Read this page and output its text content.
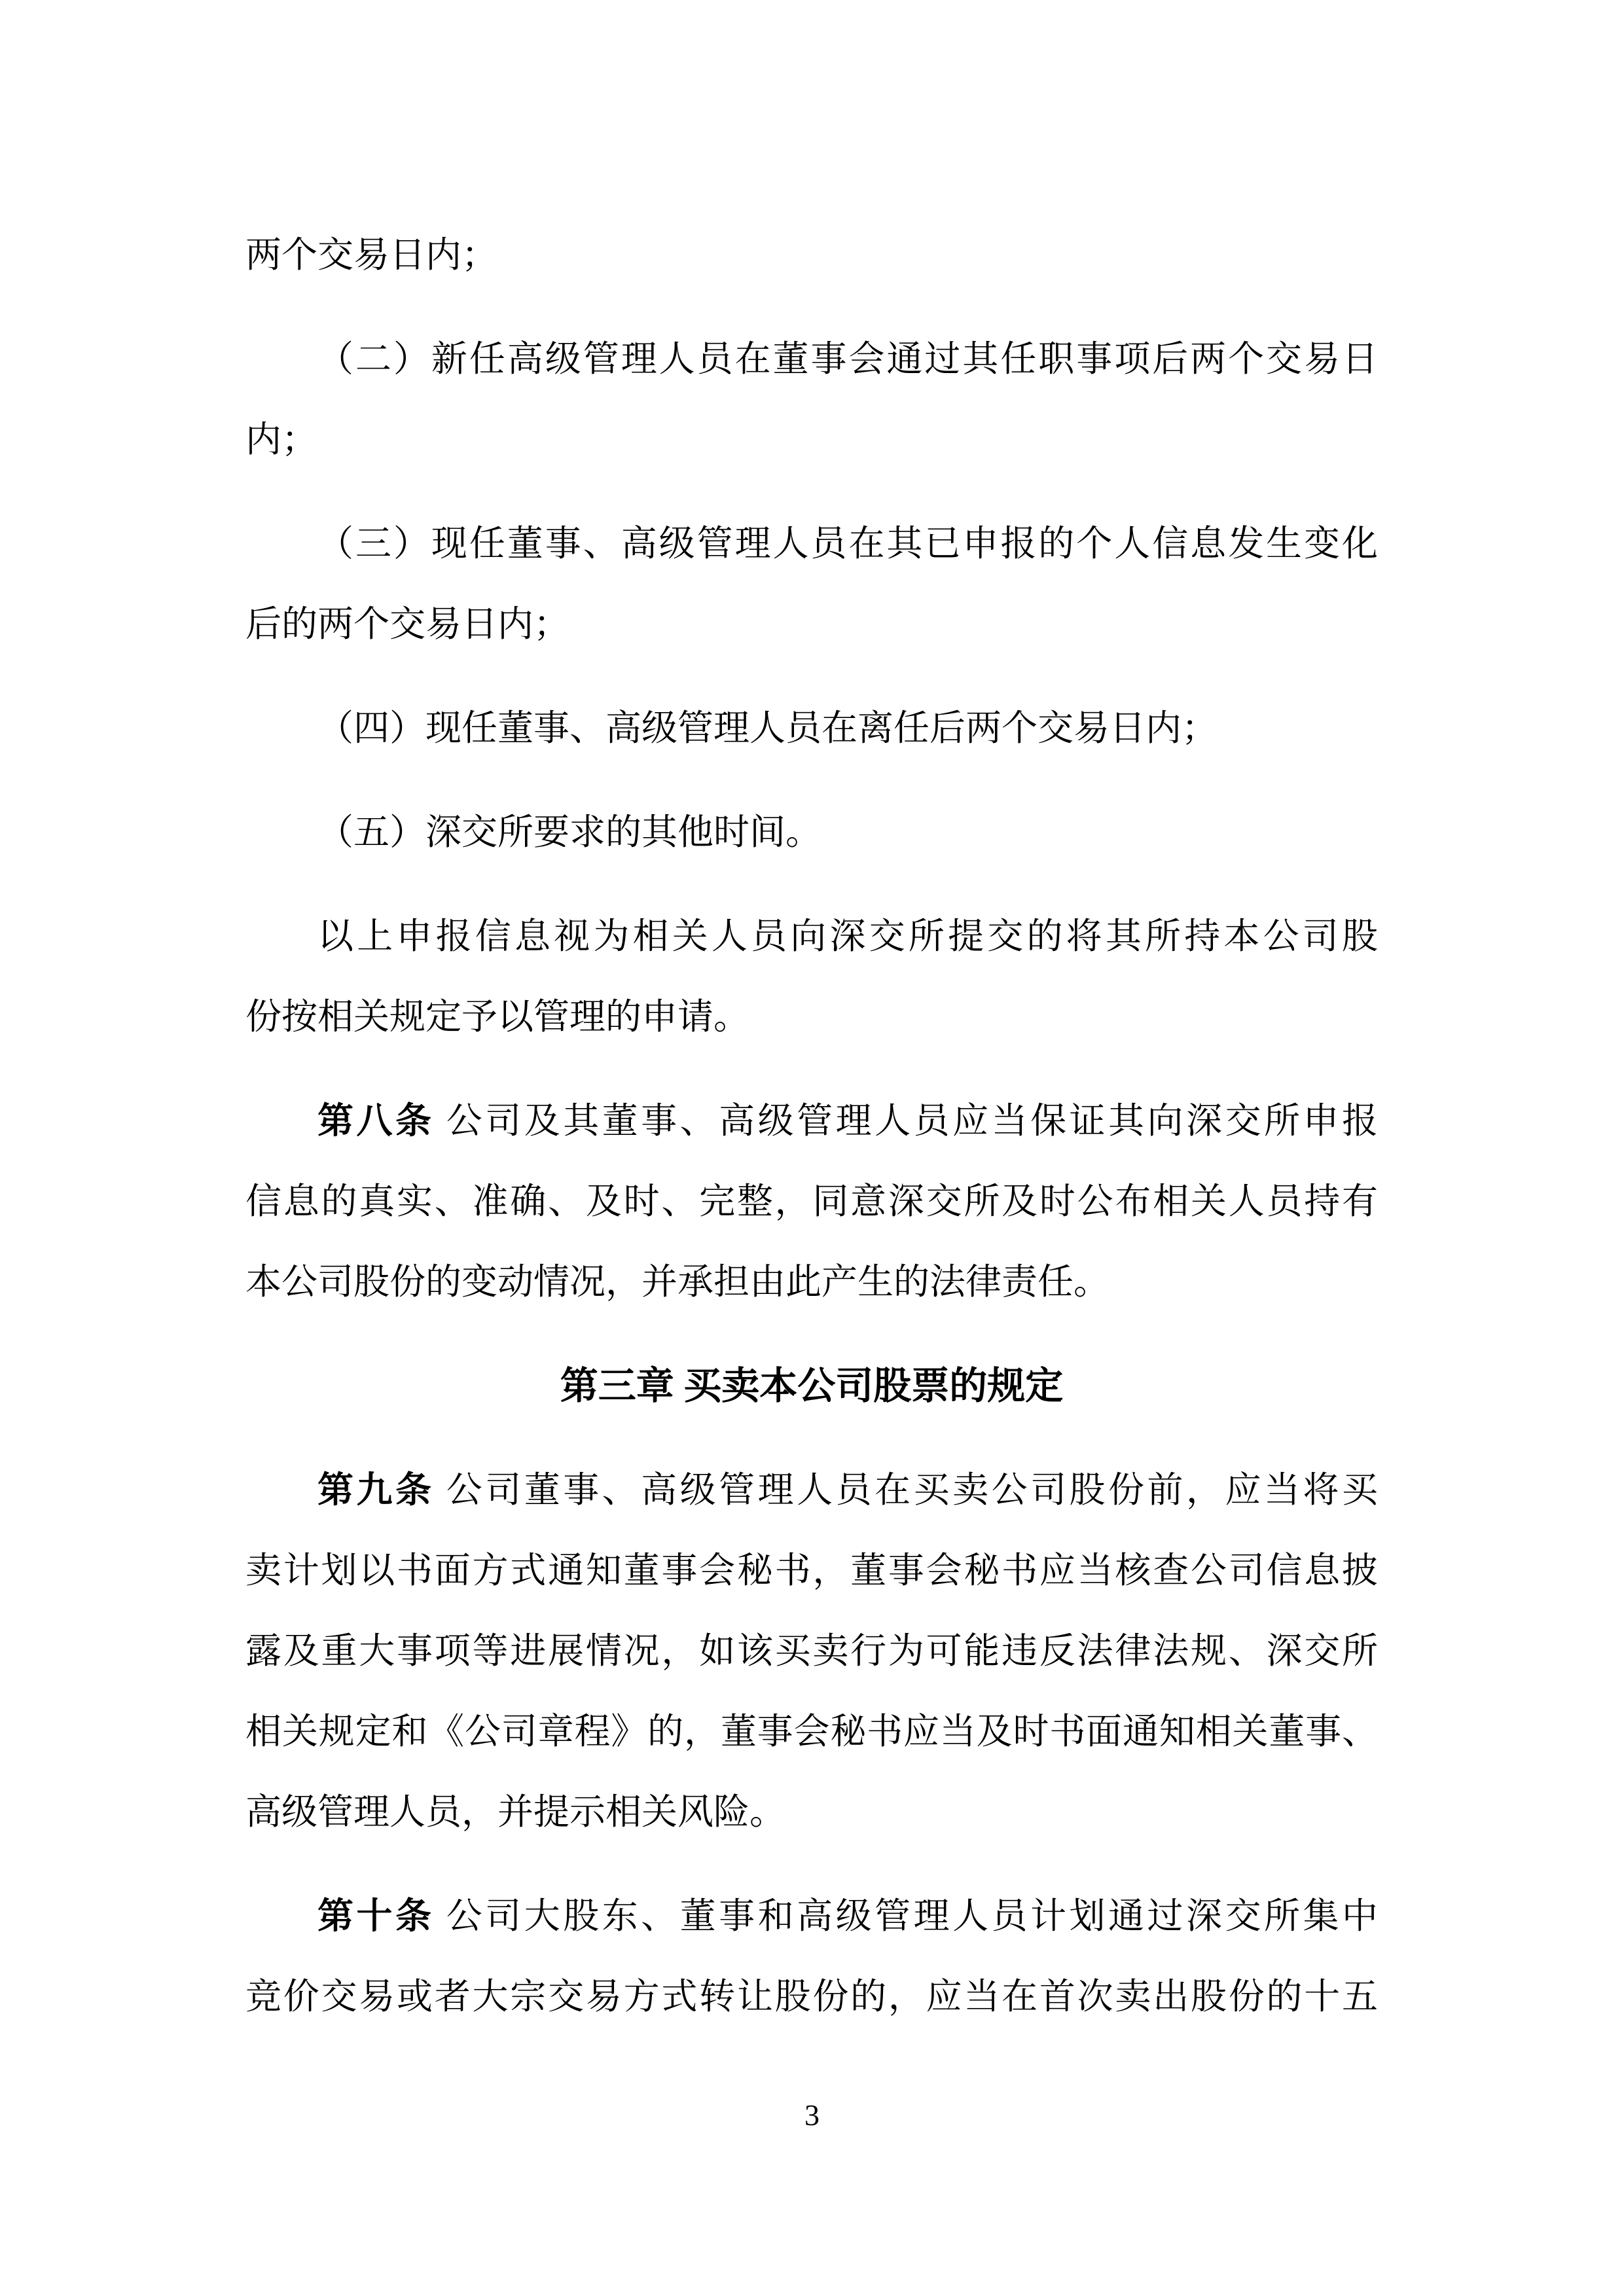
两个交易日内；
（二）新任高级管理人员在董事会通过其任职事项后两个交易日
内；
（三）现任董事、高级管理人员在其已申报的个人信息发生变化
后的两个交易日内；
（四）现任董事、高级管理人员在离任后两个交易日内；
（五）深交所要求的其他时间。
以上申报信息视为相关人员向深交所提交的将其所持本公司股
份按相关规定予以管理的申请。
第八条 公司及其董事、高级管理人员应当保证其向深交所申报
信息的真实、准确、及时、完整，同意深交所及时公布相关人员持有
本公司股份的变动情况，并承担由此产生的法律责任。
第三章 买卖本公司股票的规定
第九条 公司董事、高级管理人员在买卖公司股份前，应当将买
卖计划以书面方式通知董事会秘书，董事会秘书应当核查公司信息披
露及重大事项等进展情况，如该买卖行为可能违反法律法规、深交所
相关规定和《公司章程》的，董事会秘书应当及时书面通知相关董事、
高级管理人员，并提示相关风险。
第十条 公司大股东、董事和高级管理人员计划通过深交所集中
竞价交易或者大宗交易方式转让股份的，应当在首次卖出股份的十五
3
